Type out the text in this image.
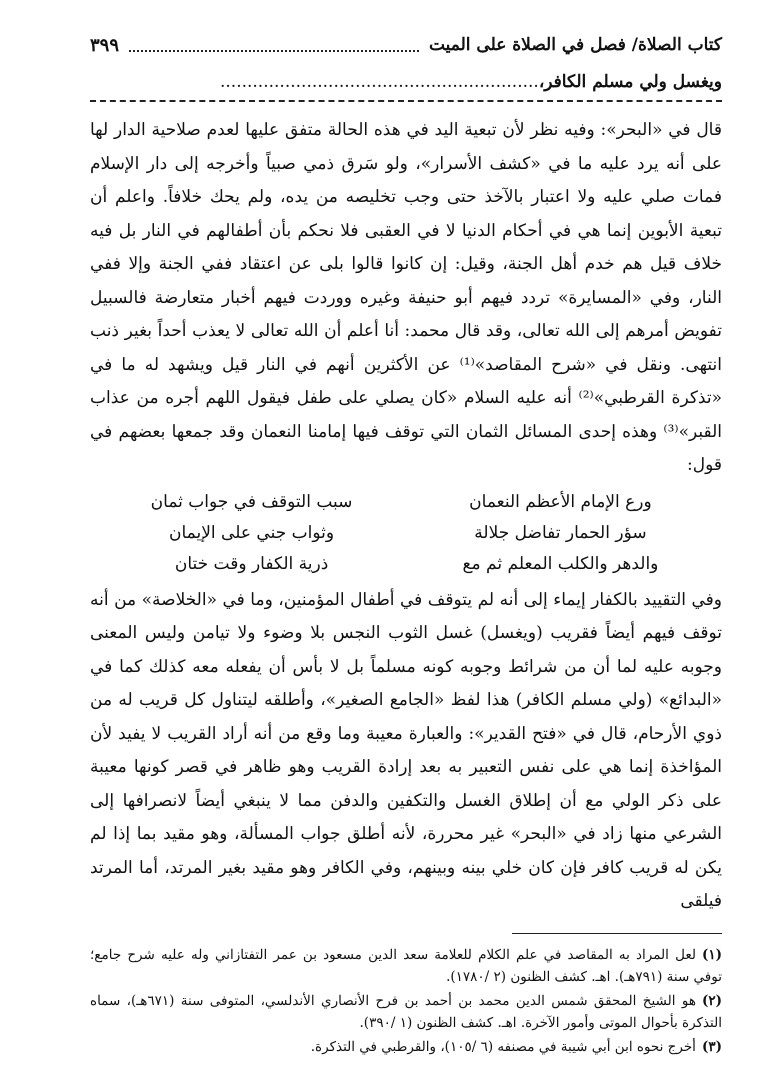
كتاب الصلاة/ فصل في الصلاة على الميت
٣٩٩
ويغسل ولي مسلم الكافر،...........................................................

قال في «البحر»: وفيه نظر لأن تبعية اليد في هذه الحالة متفق عليها لعدم صلاحية الدار لها على أنه يرد عليه ما في «كشف الأسرار»، ولو سَرق ذمي صبياً وأخرجه إلى دار الإسلام فمات صلي عليه ولا اعتبار بالآخذ حتى وجب تخليصه من يده، ولم يحك خلافاً. واعلم أن تبعية الأبوين إنما هي في أحكام الدنيا لا في العقبى فلا نحكم بأن أطفالهم في النار بل فيه خلاف قيل هم خدم أهل الجنة، وقيل: إن كانوا قالوا بلى عن اعتقاد ففي الجنة وإلا ففي النار، وفي «المسايرة» تردد فيهم أبو حنيفة وغيره ووردت فيهم أخبار متعارضة فالسبيل تفويض أمرهم إلى الله تعالى، وقد قال محمد: أنا أعلم أن الله تعالى لا يعذب أحداً بغير ذنب انتهى. ونقل في «شرح المقاصد»⁽¹⁾ عن الأكثرين أنهم في النار قيل ويشهد له ما في «تذكرة القرطبي»⁽²⁾ أنه عليه السلام «كان يصلي على طفل فيقول اللهم أجره من عذاب القبر»⁽³⁾ وهذه إحدى المسائل الثمان التي توقف فيها إمامنا النعمان وقد جمعها بعضهم في قول:

ورع الإمام الأعظم النعمان
سبب التوقف في جواب ثمان
سؤر الحمار تفاضل جلالة
وثواب جني على الإيمان
والدهر والكلب المعلم ثم مع
ذرية الكفار وقت ختان

وفي التقييد بالكفار إيماء إلى أنه لم يتوقف في أطفال المؤمنين، وما في «الخلاصة» من أنه توقف فيهم أيضاً فقريب (ويغسل) غسل الثوب النجس بلا وضوء ولا تيامن وليس المعنى وجوبه عليه لما أن من شرائط وجوبه كونه مسلماً بل لا بأس أن يفعله معه كذلك كما في «البدائع» (ولي مسلم الكافر) هذا لفظ «الجامع الصغير»، وأطلقه ليتناول كل قريب له من ذوي الأرحام، قال في «فتح القدير»: والعبارة معيبة وما وقع من أنه أراد القريب لا يفيد لأن المؤاخذة إنما هي على نفس التعبير به بعد إرادة القريب وهو ظاهر في قصر كونها معيبة على ذكر الولي مع أن إطلاق الغسل والتكفين والدفن مما لا ينبغي أيضاً لانصرافها إلى الشرعي منها زاد في «البحر» غير محررة، لأنه أطلق جواب المسألة، وهو مقيد بما إذا لم يكن له قريب كافر فإن كان خلي بينه وبينهم، وفي الكافر وهو مقيد بغير المرتد، أما المرتد فيلقى

(١)لعل المراد به المقاصد في علم الكلام للعلامة سعد الدين مسعود بن عمر التفتازاني وله عليه شرح جامع؛ توفي سنة (٧٩١هـ). اهـ. كشف الظنون (٢ /١٧٨٠).

(٢)هو الشيخ المحقق شمس الدين محمد بن أحمد بن فرح الأنصاري الأندلسي، المتوفى سنة (٦٧١هـ)، سماه التذكرة بأحوال الموتى وأمور الآخرة. اهـ. كشف الظنون (١ /٣٩٠).

(٣)أخرج نحوه ابن أبي شيبة في مصنفه (٦ /١٠٥)، والقرطبي في التذكرة.
